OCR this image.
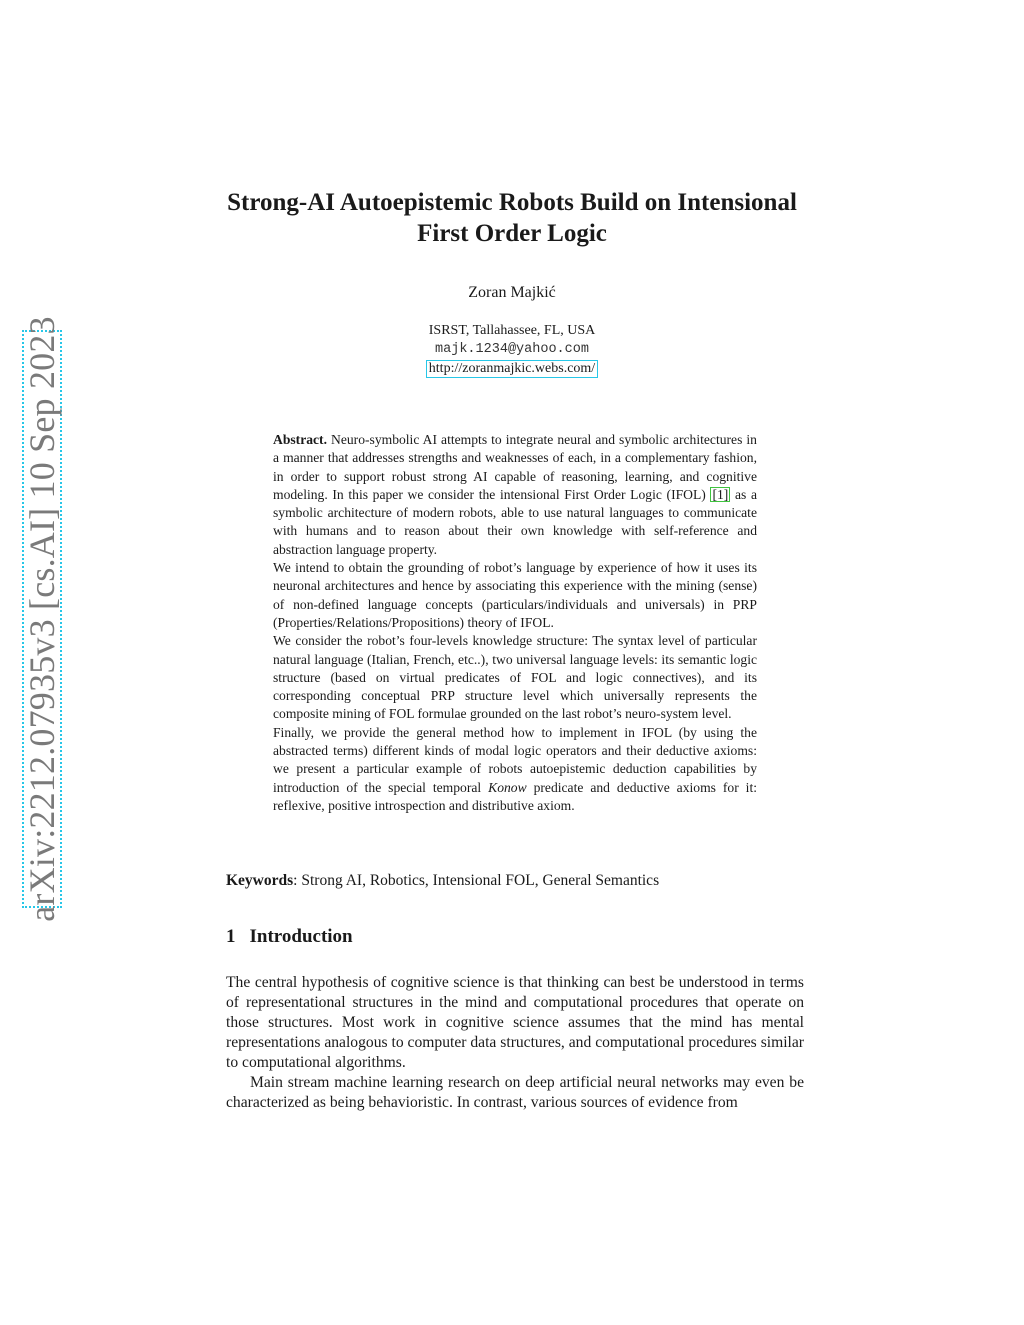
arXiv:2212.07935v3 [cs.AI] 10 Sep 2023
Strong-AI Autoepistemic Robots Build on Intensional
First Order Logic
Zoran Majkić
ISRST, Tallahassee, FL, USA
majk.1234@yahoo.com
http://zoranmajkic.webs.com/

Abstract. Neuro-symbolic AI attempts to integrate neural and symbolic architectures in a manner that addresses strengths and weaknesses of each, in a complementary fashion, in order to support robust strong AI capable of reasoning, learning, and cognitive modeling. In this paper we consider the intensional First Order Logic (IFOL) [1] as a symbolic architecture of modern robots, able to use natural languages to communicate with humans and to reason about their own knowledge with self-reference and abstraction language property.

We intend to obtain the grounding of robot’s language by experience of how it uses its neuronal architectures and hence by associating this experience with the mining (sense) of non-defined language concepts (particulars/individuals and universals) in PRP (Properties/Relations/Propositions) theory of IFOL.

We consider the robot’s four-levels knowledge structure: The syntax level of particular natural language (Italian, French, etc..), two universal language levels: its semantic logic structure (based on virtual predicates of FOL and logic connectives), and its corresponding conceptual PRP structure level which universally represents the composite mining of FOL formulae grounded on the last robot’s neuro-system level.

Finally, we provide the general method how to implement in IFOL (by using the abstracted terms) different kinds of modal logic operators and their deductive axioms: we present a particular example of robots autoepistemic deduction capabilities by introduction of the special temporal Konow predicate and deductive axioms for it: reflexive, positive introspection and distributive axiom.

Keywords: Strong AI, Robotics, Intensional FOL, General Semantics
1 Introduction

The central hypothesis of cognitive science is that thinking can best be understood in terms of representational structures in the mind and computational procedures that operate on those structures. Most work in cognitive science assumes that the mind has mental representations analogous to computer data structures, and computational procedures similar to computational algorithms.

Main stream machine learning research on deep artificial neural networks may even be characterized as being behavioristic. In contrast, various sources of evidence from
